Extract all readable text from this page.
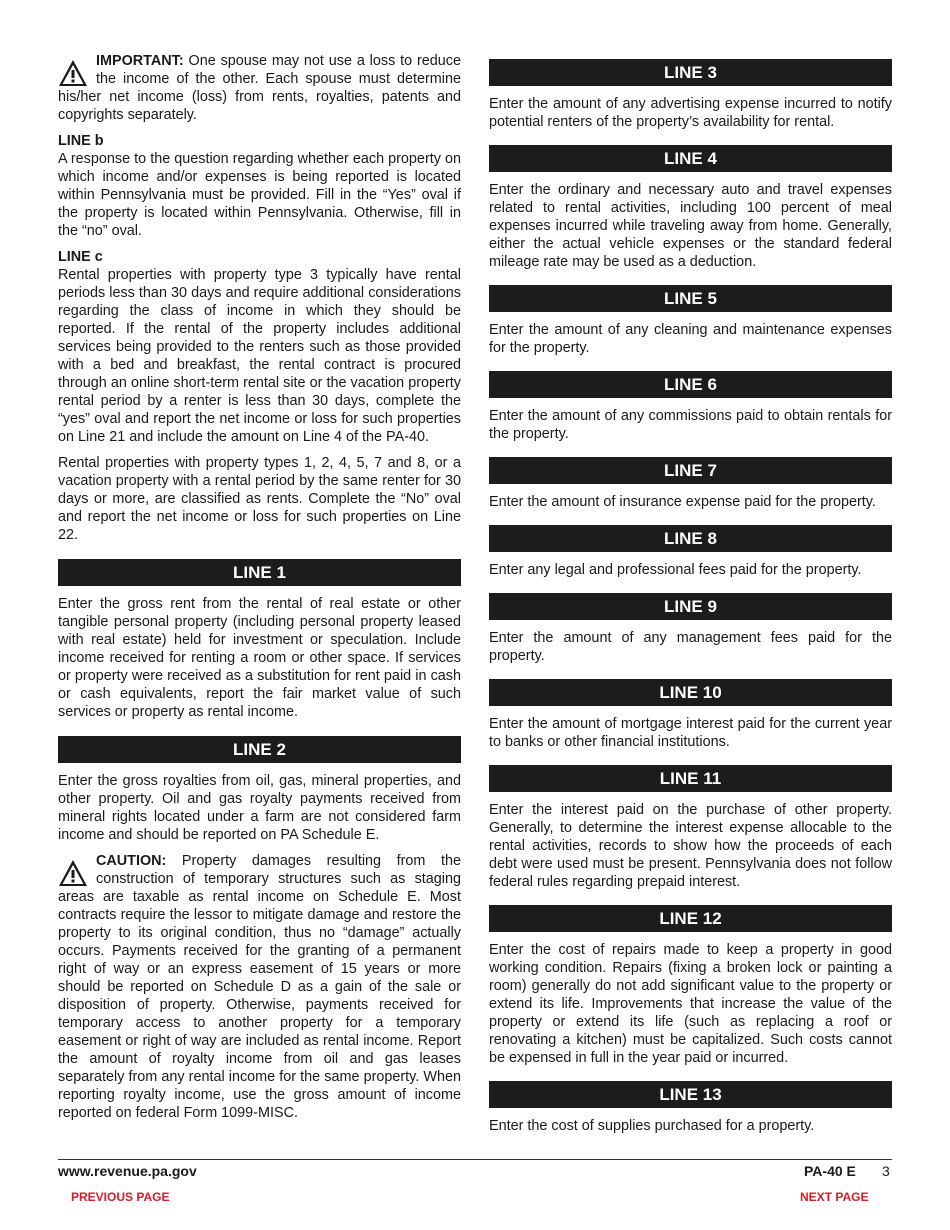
IMPORTANT: One spouse may not use a loss to reduce the income of the other. Each spouse must determine his/her net income (loss) from rents, royalties, patents and copyrights separately.

LINE b

A response to the question regarding whether each property on which income and/or expenses is being reported is located within Pennsylvania must be provided. Fill in the “Yes” oval if the property is located within Pennsylvania. Otherwise, fill in the “no” oval.

LINE c

Rental properties with property type 3 typically have rental periods less than 30 days and require additional considerations regarding the class of income in which they should be reported. If the rental of the property includes additional services being provided to the renters such as those provided with a bed and breakfast, the rental contract is procured through an online short-term rental site or the vacation property rental period by a renter is less than 30 days, complete the “yes” oval and report the net income or loss for such properties on Line 21 and include the amount on Line 4 of the PA-40.

Rental properties with property types 1, 2, 4, 5, 7 and 8, or a vacation property with a rental period by the same renter for 30 days or more, are classified as rents. Complete the “No” oval and report the net income or loss for such properties on Line 22.

LINE 1

Enter the gross rent from the rental of real estate or other tangible personal property (including personal property leased with real estate) held for investment or speculation. Include income received for renting a room or other space. If services or property were received as a substitution for rent paid in cash or cash equivalents, report the fair market value of such services or property as rental income.

LINE 2

Enter the gross royalties from oil, gas, mineral properties, and other property. Oil and gas royalty payments received from mineral rights located under a farm are not considered farm income and should be reported on PA Schedule E.

CAUTION: Property damages resulting from the construction of temporary structures such as staging areas are taxable as rental income on Schedule E. Most contracts require the lessor to mitigate damage and restore the property to its original condition, thus no “damage” actually occurs. Payments received for the granting of a permanent right of way or an express easement of 15 years or more should be reported on Schedule D as a gain of the sale or disposition of property. Otherwise, payments received for temporary access to another property for a temporary easement or right of way are included as rental income. Report the amount of royalty income from oil and gas leases separately from any rental income for the same property. When reporting royalty income, use the gross amount of income reported on federal Form 1099-MISC.

LINE 3

Enter the amount of any advertising expense incurred to notify potential renters of the property’s availability for rental.

LINE 4

Enter the ordinary and necessary auto and travel expenses related to rental activities, including 100 percent of meal expenses incurred while traveling away from home. Generally, either the actual vehicle expenses or the standard federal mileage rate may be used as a deduction.

LINE 5

Enter the amount of any cleaning and maintenance expenses for the property.

LINE 6

Enter the amount of any commissions paid to obtain rentals for the property.

LINE 7

Enter the amount of insurance expense paid for the property.

LINE 8

Enter any legal and professional fees paid for the property.

LINE 9

Enter the amount of any management fees paid for the property.

LINE 10

Enter the amount of mortgage interest paid for the current year to banks or other financial institutions.

LINE 11

Enter the interest paid on the purchase of other property. Generally, to determine the interest expense allocable to the rental activities, records to show how the proceeds of each debt were used must be present. Pennsylvania does not follow federal rules regarding prepaid interest.

LINE 12

Enter the cost of repairs made to keep a property in good working condition. Repairs (fixing a broken lock or painting a room) generally do not add significant value to the property or extend its life. Improvements that increase the value of the property or extend its life (such as replacing a roof or renovating a kitchen) must be capitalized. Such costs cannot be expensed in full in the year paid or incurred.

LINE 13

Enter the cost of supplies purchased for a property.

www.revenue.pa.gov	PA-40 E 3
PREVIOUS PAGE	NEXT PAGE
